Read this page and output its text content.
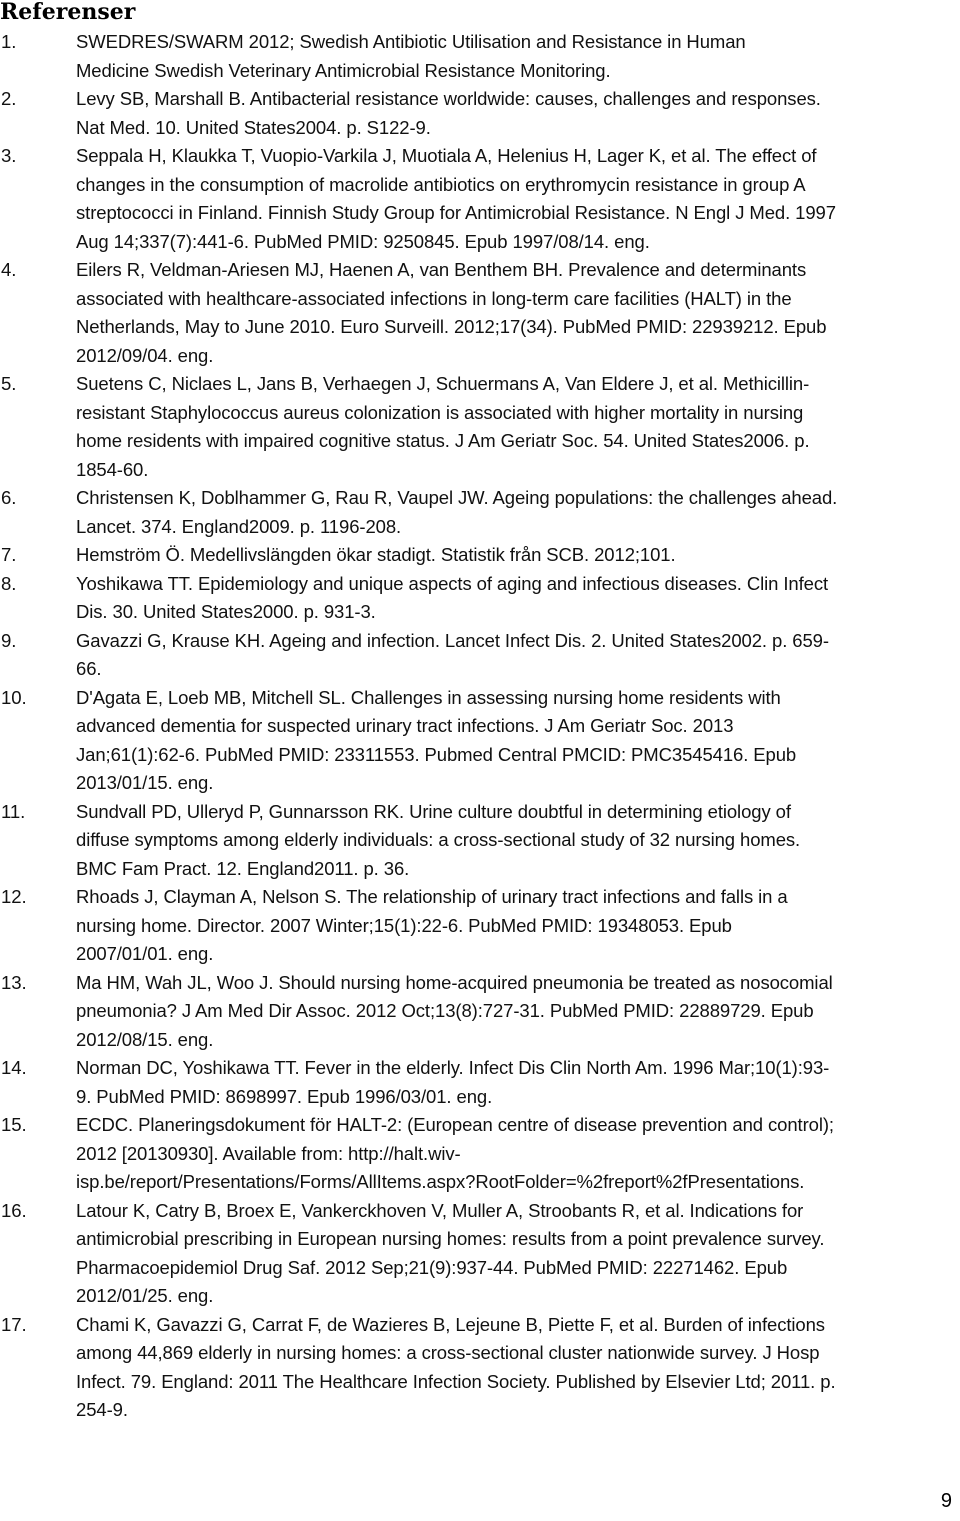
Referenser
1.	SWEDRES/SWARM 2012; Swedish Antibiotic Utilisation and Resistance in Human
Medicine Swedish Veterinary Antimicrobial Resistance Monitoring.
2.	Levy SB, Marshall B. Antibacterial resistance worldwide: causes, challenges and responses.
Nat Med. 10. United States2004. p. S122-9.
3.	Seppala H, Klaukka T, Vuopio-Varkila J, Muotiala A, Helenius H, Lager K, et al. The effect of
changes in the consumption of macrolide antibiotics on erythromycin resistance in group A
streptococci in Finland. Finnish Study Group for Antimicrobial Resistance. N Engl J Med. 1997
Aug 14;337(7):441-6. PubMed PMID: 9250845. Epub 1997/08/14. eng.
4.	Eilers R, Veldman-Ariesen MJ, Haenen A, van Benthem BH. Prevalence and determinants
associated with healthcare-associated infections in long-term care facilities (HALT) in the
Netherlands, May to June 2010. Euro Surveill. 2012;17(34). PubMed PMID: 22939212. Epub
2012/09/04. eng.
5.	Suetens C, Niclaes L, Jans B, Verhaegen J, Schuermans A, Van Eldere J, et al. Methicillin-
resistant Staphylococcus aureus colonization is associated with higher mortality in nursing
home residents with impaired cognitive status. J Am Geriatr Soc. 54. United States2006. p.
1854-60.
6.	Christensen K, Doblhammer G, Rau R, Vaupel JW. Ageing populations: the challenges ahead.
Lancet. 374. England2009. p. 1196-208.
7.	Hemström Ö. Medellivslängden ökar stadigt. Statistik från SCB. 2012;101.
8.	Yoshikawa TT. Epidemiology and unique aspects of aging and infectious diseases. Clin Infect
Dis. 30. United States2000. p. 931-3.
9.	Gavazzi G, Krause KH. Ageing and infection. Lancet Infect Dis. 2. United States2002. p. 659-
66.
10.	D'Agata E, Loeb MB, Mitchell SL. Challenges in assessing nursing home residents with
advanced dementia for suspected urinary tract infections. J Am Geriatr Soc. 2013
Jan;61(1):62-6. PubMed PMID: 23311553. Pubmed Central PMCID: PMC3545416. Epub
2013/01/15. eng.
11.	Sundvall PD, Ulleryd P, Gunnarsson RK. Urine culture doubtful in determining etiology of
diffuse symptoms among elderly individuals: a cross-sectional study of 32 nursing homes.
BMC Fam Pract. 12. England2011. p. 36.
12.	Rhoads J, Clayman A, Nelson S. The relationship of urinary tract infections and falls in a
nursing home. Director. 2007 Winter;15(1):22-6. PubMed PMID: 19348053. Epub
2007/01/01. eng.
13.	Ma HM, Wah JL, Woo J. Should nursing home-acquired pneumonia be treated as nosocomial
pneumonia? J Am Med Dir Assoc. 2012 Oct;13(8):727-31. PubMed PMID: 22889729. Epub
2012/08/15. eng.
14.	Norman DC, Yoshikawa TT. Fever in the elderly. Infect Dis Clin North Am. 1996 Mar;10(1):93-
9. PubMed PMID: 8698997. Epub 1996/03/01. eng.
15.	ECDC. Planeringsdokument för HALT-2: (European centre of disease prevention and control);
2012 [20130930]. Available from: http://halt.wiv-
isp.be/report/Presentations/Forms/AllItems.aspx?RootFolder=%2freport%2fPresentations.
16.	Latour K, Catry B, Broex E, Vankerckhoven V, Muller A, Stroobants R, et al. Indications for
antimicrobial prescribing in European nursing homes: results from a point prevalence survey.
Pharmacoepidemiol Drug Saf. 2012 Sep;21(9):937-44. PubMed PMID: 22271462. Epub
2012/01/25. eng.
17.	Chami K, Gavazzi G, Carrat F, de Wazieres B, Lejeune B, Piette F, et al. Burden of infections
among 44,869 elderly in nursing homes: a cross-sectional cluster nationwide survey. J Hosp
Infect. 79. England: 2011 The Healthcare Infection Society. Published by Elsevier Ltd; 2011. p.
254-9.
9
